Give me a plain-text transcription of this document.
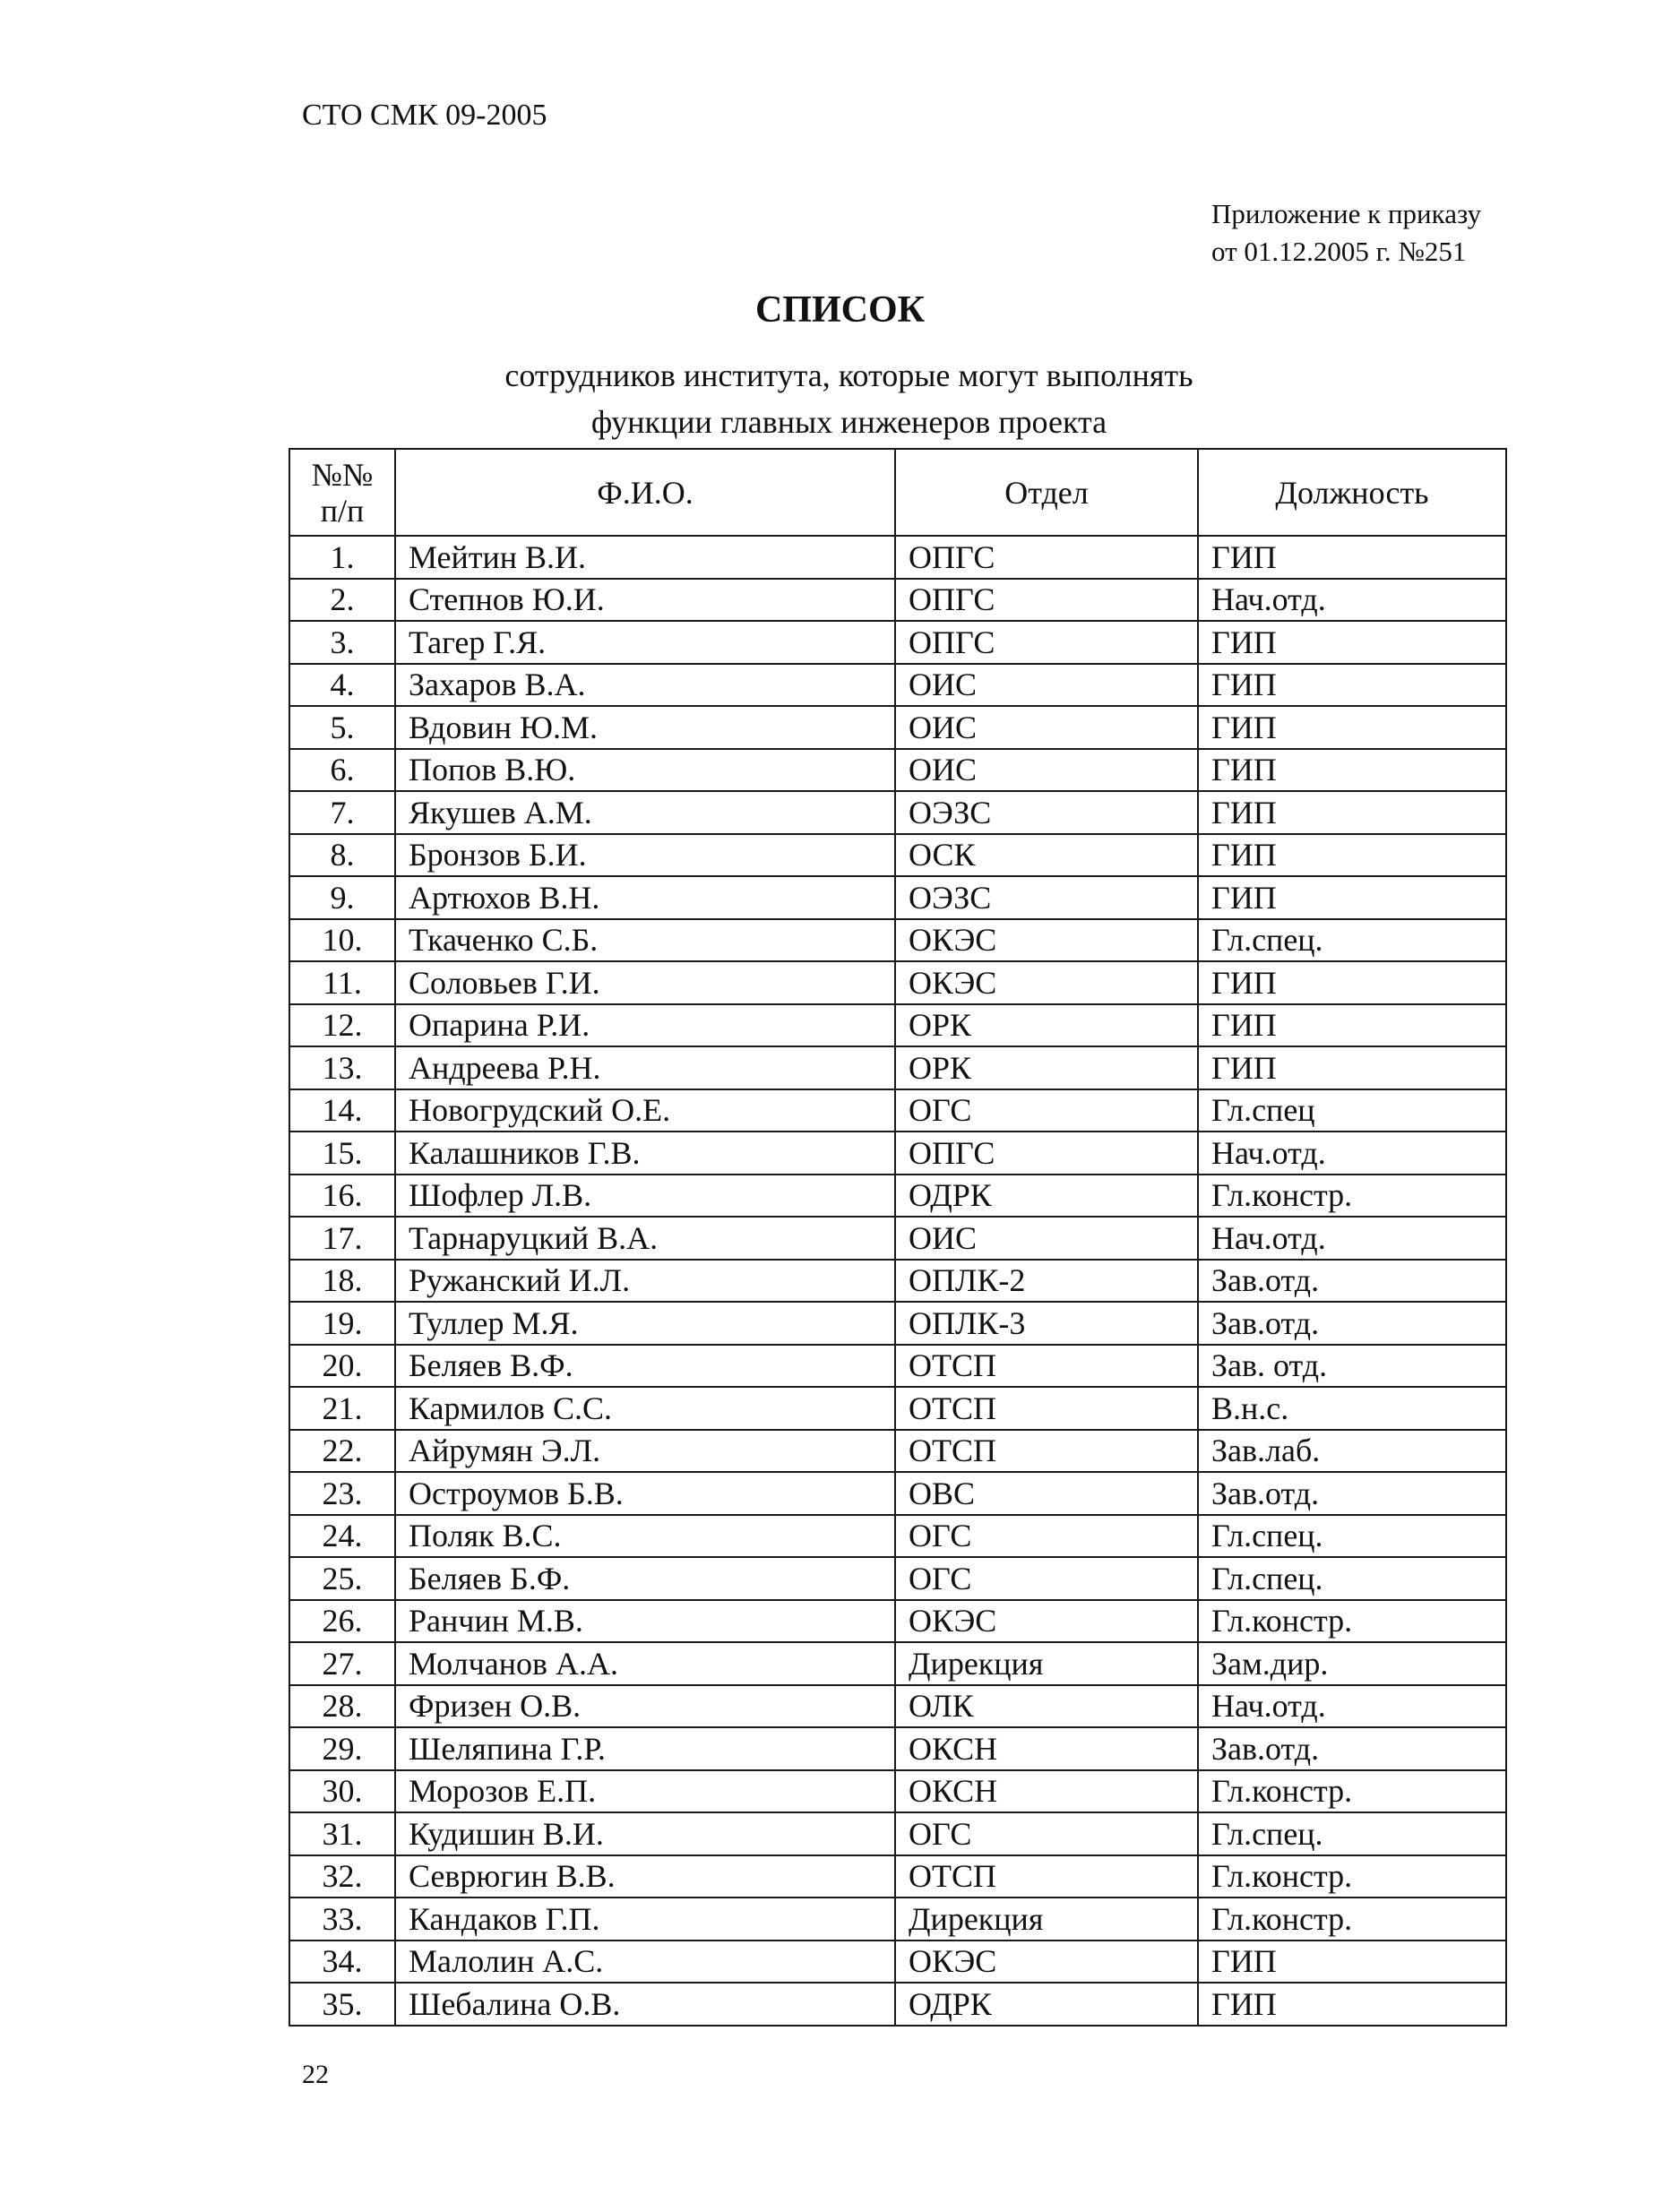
СТО СМК 09-2005
Приложение к приказу
от 01.12.2005 г. №251
СПИСОК
сотрудников института, которые могут выполнять
функции главных инженеров проекта
№№
п/п	Ф.И.О.	Отдел	Должность
1.	Мейтин В.И.	ОПГС	ГИП
2.	Степнов Ю.И.	ОПГС	Нач.отд.
3.	Тагер Г.Я.	ОПГС	ГИП
4.	Захаров В.А.	ОИС	ГИП
5.	Вдовин Ю.М.	ОИС	ГИП
6.	Попов В.Ю.	ОИС	ГИП
7.	Якушев А.М.	ОЭЗС	ГИП
8.	Бронзов Б.И.	ОСК	ГИП
9.	Артюхов В.Н.	ОЭЗС	ГИП
10.	Ткаченко С.Б.	ОКЭС	Гл.спец.
11.	Соловьев Г.И.	ОКЭС	ГИП
12.	Опарина Р.И.	ОРК	ГИП
13.	Андреева Р.Н.	ОРК	ГИП
14.	Новогрудский О.Е.	ОГС	Гл.спец
15.	Калашников Г.В.	ОПГС	Нач.отд.
16.	Шофлер Л.В.	ОДРК	Гл.констр.
17.	Тарнаруцкий В.А.	ОИС	Нач.отд.
18.	Ружанский И.Л.	ОПЛК-2	Зав.отд.
19.	Туллер М.Я.	ОПЛК-3	Зав.отд.
20.	Беляев В.Ф.	ОТСП	Зав. отд.
21.	Кармилов С.С.	ОТСП	В.н.с.
22.	Айрумян Э.Л.	ОТСП	Зав.лаб.
23.	Остроумов Б.В.	ОВС	Зав.отд.
24.	Поляк В.С.	ОГС	Гл.спец.
25.	Беляев Б.Ф.	ОГС	Гл.спец.
26.	Ранчин М.В.	ОКЭС	Гл.констр.
27.	Молчанов А.А.	Дирекция	Зам.дир.
28.	Фризен О.В.	ОЛК	Нач.отд.
29.	Шеляпина Г.Р.	ОКСН	Зав.отд.
30.	Морозов Е.П.	ОКСН	Гл.констр.
31.	Кудишин В.И.	ОГС	Гл.спец.
32.	Севрюгин В.В.	ОТСП	Гл.констр.
33.	Кандаков Г.П.	Дирекция	Гл.констр.
34.	Малолин А.С.	ОКЭС	ГИП
35.	Шебалина О.В.	ОДРК	ГИП
22
